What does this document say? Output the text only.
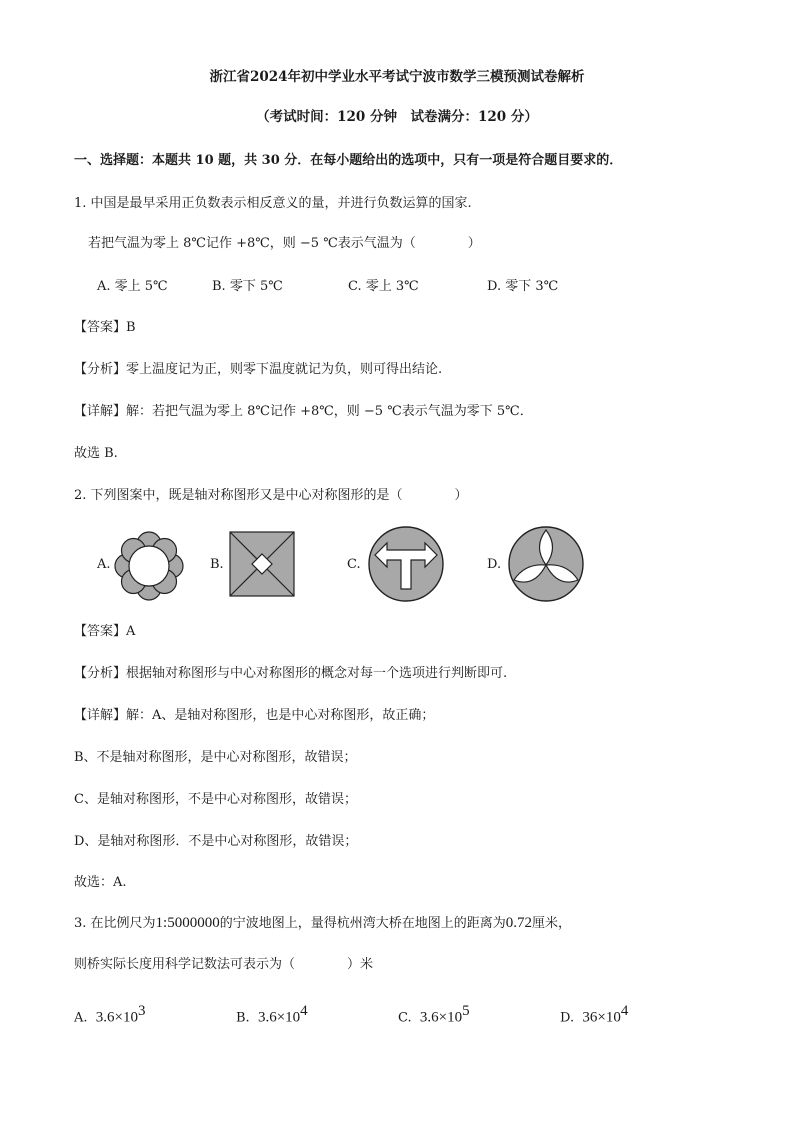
浙江省2024年初中学业水平考试宁波市数学三模预测试卷解析
（考试时间：120 分钟　试卷满分：120 分）
一、选择题：本题共 10 题，共 30 分．在每小题给出的选项中，只有一项是符合题目要求的．
1. 中国是最早采用正负数表示相反意义的量，并进行负数运算的国家.
若把气温为零上 8℃记作 +8℃，则 −5 ℃表示气温为（　　　　）
A. 零上 5℃	B. 零下 5℃	C. 零上 3℃	D. 零下 3℃
【答案】B
【分析】零上温度记为正，则零下温度就记为负，则可得出结论.
【详解】解：若把气温为零上 8℃记作 +8℃，则 −5 ℃表示气温为零下 5℃．
故选 B.
2. 下列图案中，既是轴对称图形又是中心对称图形的是（　　　　）
A.	B.	C.	D.
【答案】A
【分析】根据轴对称图形与中心对称图形的概念对每一个选项进行判断即可.
【详解】解：A、是轴对称图形，也是中心对称图形，故正确；
B、不是轴对称图形，是中心对称图形，故错误；
C、是轴对称图形，不是中心对称图形，故错误；
D、是轴对称图形．不是中心对称图形，故错误；
故选：A.
3. 在比例尺为1:5000000的宁波地图上，量得杭州湾大桥在地图上的距离为0.72厘米，
则桥实际长度用科学记数法可表示为（　　　　）米
A. 3.6×103	B. 3.6×104	C. 3.6×105	D. 36×104
